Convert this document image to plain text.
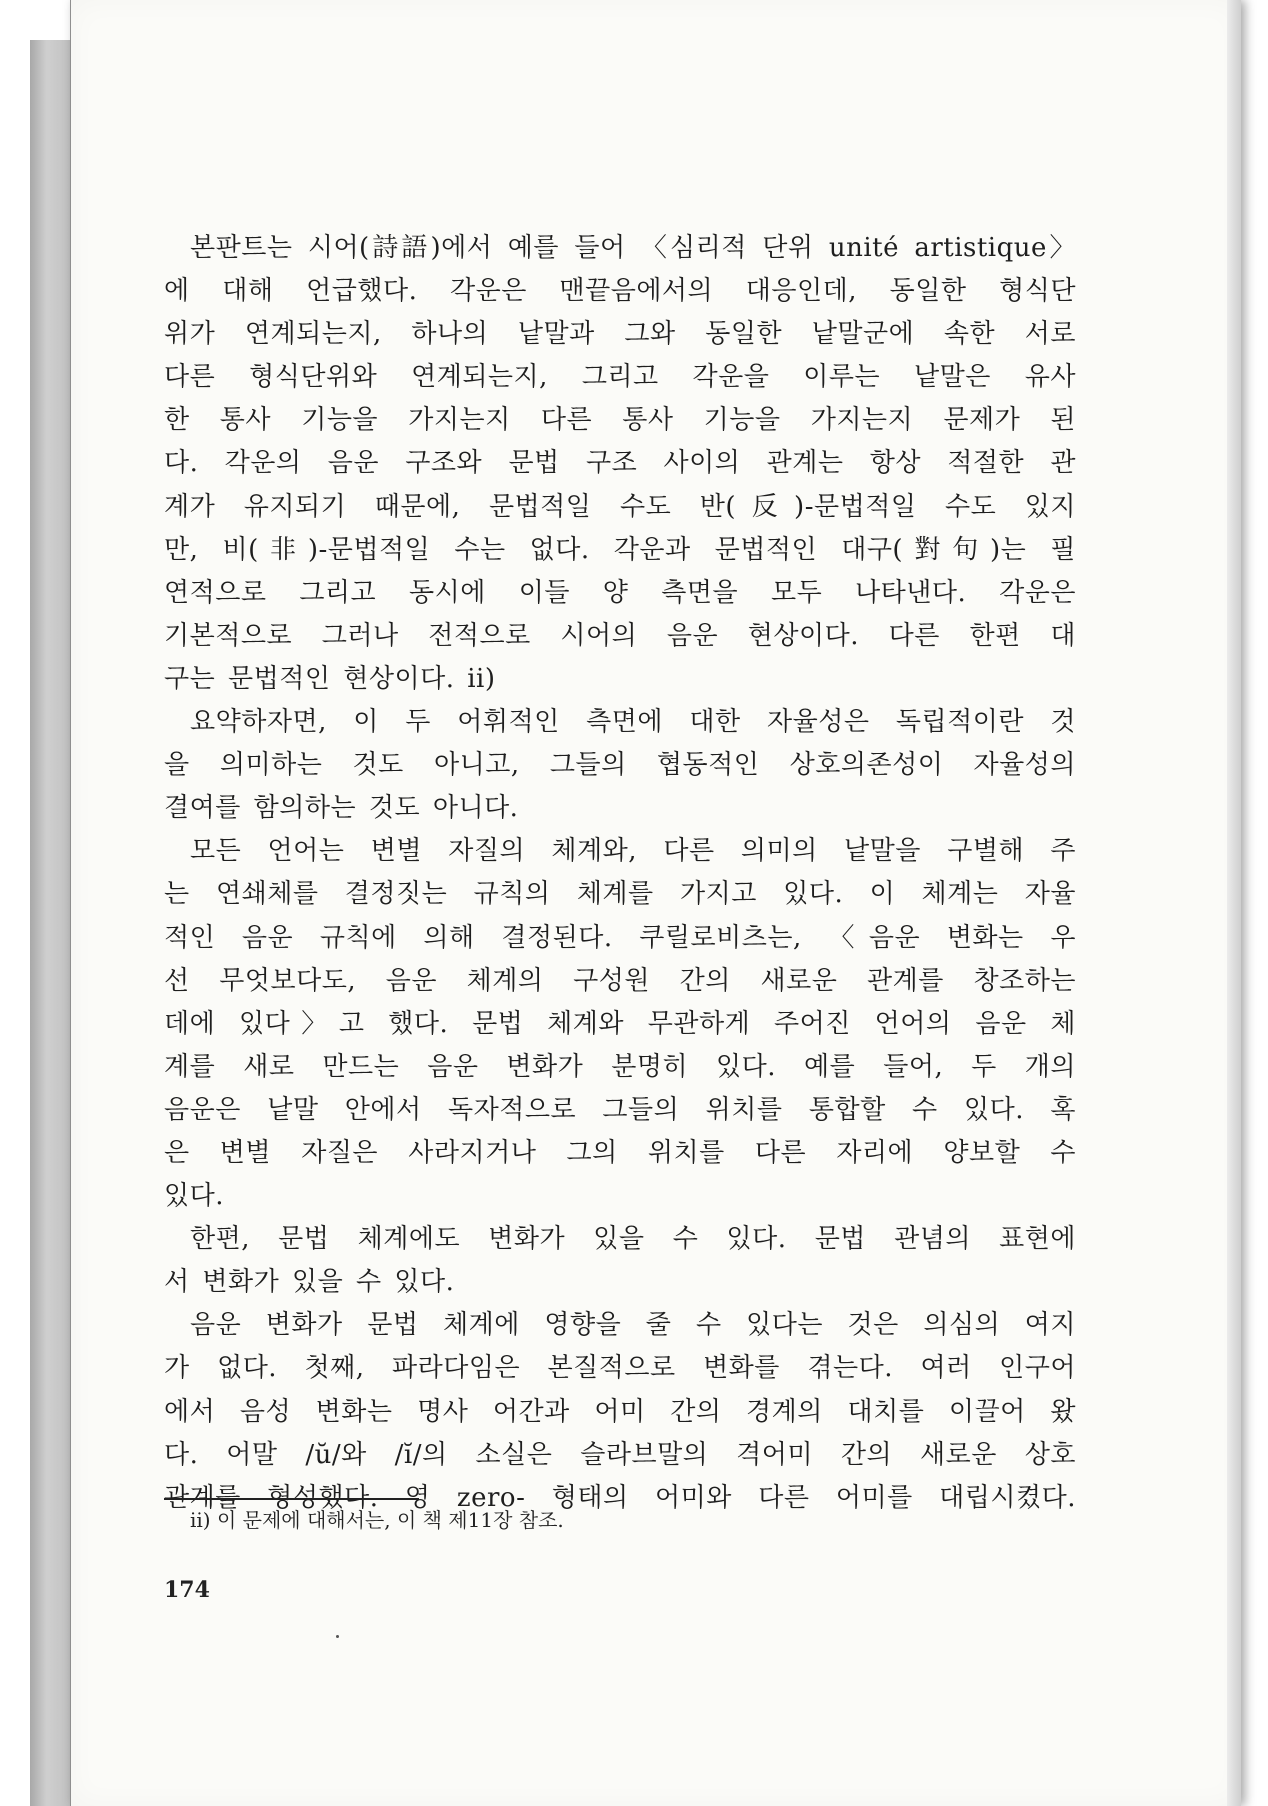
본판트는 시어(詩語)에서 예를 들어 〈심리적 단위 unité artistique〉
에 대해 언급했다. 각운은 맨끝음에서의 대응인데, 동일한 형식단
위가 연계되는지, 하나의 낱말과 그와 동일한 낱말군에 속한 서로
다른 형식단위와 연계되는지, 그리고 각운을 이루는 낱말은 유사
한 통사 기능을 가지는지 다른 통사 기능을 가지는지 문제가 된
다. 각운의 음운 구조와 문법 구조 사이의 관계는 항상 적절한 관
계가 유지되기 때문에, 문법적일 수도 반(反)-문법적일 수도 있지
만, 비(非)-문법적일 수는 없다. 각운과 문법적인 대구(對句)는 필
연적으로 그리고 동시에 이들 양 측면을 모두 나타낸다. 각운은
기본적으로 그러나 전적으로 시어의 음운 현상이다. 다른 한편 대
구는 문법적인 현상이다. ii)
요약하자면, 이 두 어휘적인 측면에 대한 자율성은 독립적이란 것
을 의미하는 것도 아니고, 그들의 협동적인 상호의존성이 자율성의
결여를 함의하는 것도 아니다.
모든 언어는 변별 자질의 체계와, 다른 의미의 낱말을 구별해 주
는 연쇄체를 결정짓는 규칙의 체계를 가지고 있다. 이 체계는 자율
적인 음운 규칙에 의해 결정된다. 쿠릴로비츠는, 〈음운 변화는 우
선 무엇보다도, 음운 체계의 구성원 간의 새로운 관계를 창조하는
데에 있다〉고 했다. 문법 체계와 무관하게 주어진 언어의 음운 체
계를 새로 만드는 음운 변화가 분명히 있다. 예를 들어, 두 개의
음운은 낱말 안에서 독자적으로 그들의 위치를 통합할 수 있다. 혹
은 변별 자질은 사라지거나 그의 위치를 다른 자리에 양보할 수
있다.
한편, 문법 체계에도 변화가 있을 수 있다. 문법 관념의 표현에
서 변화가 있을 수 있다.
음운 변화가 문법 체계에 영향을 줄 수 있다는 것은 의심의 여지
가 없다. 첫째, 파라다임은 본질적으로 변화를 겪는다. 여러 인구어
에서 음성 변화는 명사 어간과 어미 간의 경계의 대치를 이끌어 왔
다. 어말 /ŭ/와 /ĭ/의 소실은 슬라브말의 격어미 간의 새로운 상호
관계를 형성했다. 영 zero- 형태의 어미와 다른 어미를 대립시켰다.
ii) 이 문제에 대해서는, 이 책 제11장 참조.
174
